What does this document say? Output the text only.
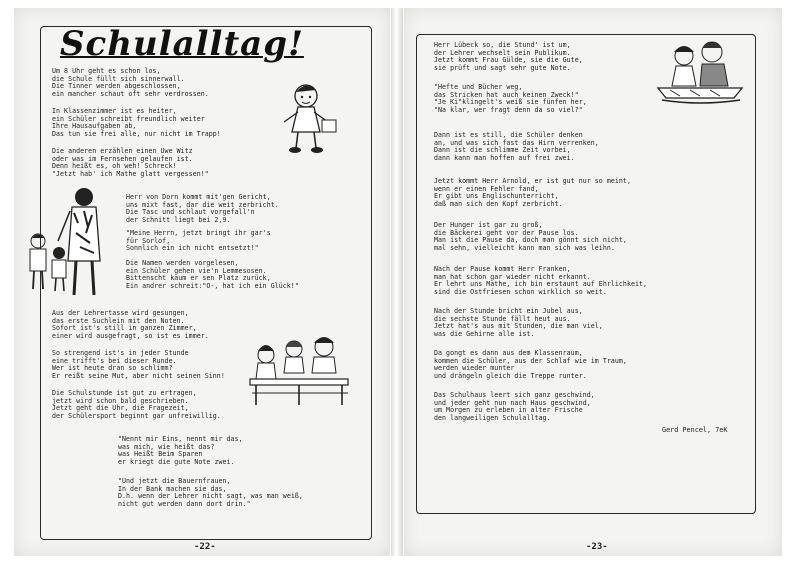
Schulalltag!
Um 8 Uhr geht es schon los,
die Schule füllt sich sinnerwall.
Die Tinner werden abgeschlossen,
ein mancher schaut oft sehr verdrossen.
In Klassenzimmer ist es heiter,
ein Schüler schreibt freundlich weiter
Ihre Hausaufgaben ab,
Das tun sie frei alle, nur nicht im Trapp!
Die anderen erzählen einen Uwe Witz
oder was im Fernsehen gelaufen ist.
Denn heißt es, oh weh! Schreck!
"Jetzt hab' ich Mathe glatt vergessen!"
Herr von Dorn kommt mit'gen Gericht,
uns mixt fast, dar die weit zerbricht.
Die Tasc und schlaut vorgefall'n
der Schnitt liegt bei 2,9.
"Meine Herrn, jetzt bringt ihr gar's
für Sorlof,
Sonnlich ein ich nicht entsetzt!"
Die Namen werden vorgelesen,
ein Schüler gehen vie'n Lemmesosen.
Bittenscht kaum er sen Platz zurück,
Ein andrer schreit:"O-, hat ich ein Glück!"
Aus der Lehrertasse wird gesungen,
das erste Suchlein mit den Noten.
Sofort ist's still in ganzen Zimmer,
einer wird ausgefragt, so ist es immer.
So strengend ist's in jeder Stunde
eine trifft's bei dieser Runde.
Wer ist heute dran so schlimm?
Er reißt seine Mut, aber nicht seinen Sinn!
Die Schulstunde ist gut zu ertragen,
jetzt wird schon bald geschrieben.
Jetzt geht die Uhr, die Fragezeit,
der Schülersport beginnt gar unfreiwillig.
"Nennt mir Eins, nennt mir das,
was mich, wie heißt das?
was Heißt Beim Sparen
er kriegt die gute Note zwei.
"Und jetzt die Bauernfrauen,
In der Bank machen sie das,
D.h. wenn der Lehrer nicht sagt, was man weiß,
nicht gut werden dann dort drin."
-22-
Herr Lübeck so, die Stund' ist um,
der Lehrer wechselt sein Publikum.
Jetzt kommt Frau Gülde, sie die Gute,
sie prüft und sagt sehr gute Note.
"Hefte und Bücher weg,
das Stricken hat auch keinen Zweck!"
"Je Ki"klingelt's weiß sie fünfen her,
"Na klar, wer fragt denn da so viel?"
Dann ist es still, die Schüler denken
an, und was sich fast das Hirn verrenken,
Dann ist die schlimme Zeit vorbei,
dann kann man hoffen auf frei zwei.
Jetzt kommt Herr Arnold, er ist gut nur so meint,
wenn er einen Fehler fand,
Er gibt uns Englischunterricht,
daß man sich den Kopf zerbricht.
Der Hunger ist gar zu groß,
die Bäckerei geht vor der Pause los.
Man ist die Pause da, doch man gönnt sich nicht,
mal sehn, vielleicht kann man sich was leihn.
Nach der Pause kommt Herr Franken,
man hat schon gar wieder nicht erkannt.
Er lehrt uns Mathe, ich bin erstaunt auf Ehrlichkeit,
sind die Ostfriesen schon wirklich so weit.
Nach der Stunde bricht ein Jubel aus,
die sechste Stunde fällt heut aus.
Jetzt hat's aus mit Stunden, die man viel,
was die Gehirne alle ist.
Da gongt es dann aus dem Klassenraum,
kommen die Schüler, aus der Schlaf wie im Traum,
werden wieder munter
und drängeln gleich die Treppe runter.
Das Schulhaus leert sich ganz geschwind,
und jeder geht nun nach Haus geschwind,
um Morgen zu erleben in alter Frische
den langweiligen Schulalltag.
Gerd Pencel, 7eK
-23-
